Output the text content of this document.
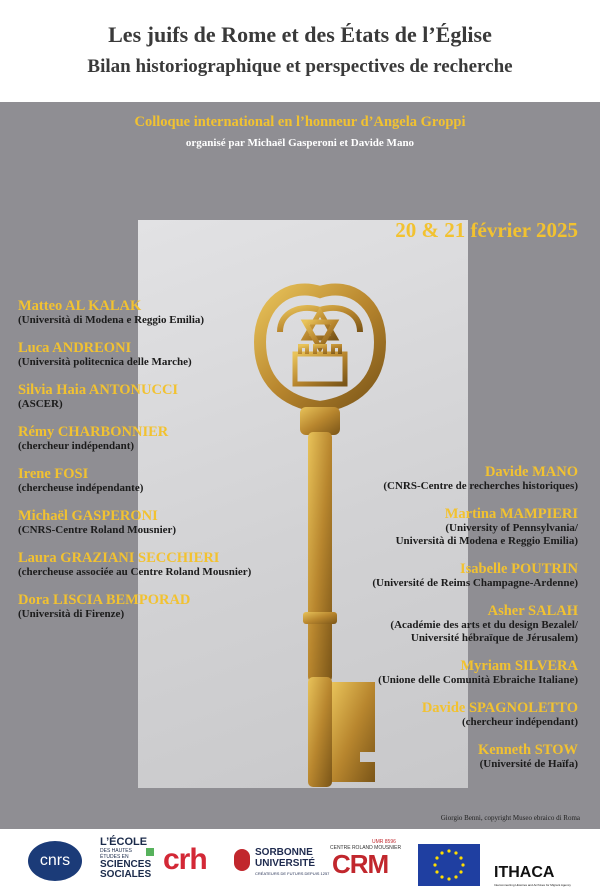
Les juifs de Rome et des États de l’Église
Bilan historiographique et perspectives de recherche
Colloque international en l’honneur d’Angela Groppi
organisé par Michaël Gasperoni et Davide Mano
20 & 21 février 2025
Matteo AL KALAK
(Università di Modena e Reggio Emilia)
Luca ANDREONI
(Università politecnica delle Marche)
Silvia Haia ANTONUCCI
(ASCER)
Rémy CHARBONNIER
(chercheur indépendant)
Irene FOSI
(chercheuse indépendante)
Michaël GASPERONI
(CNRS-Centre Roland Mousnier)
Laura GRAZIANI SECCHIERI
(chercheuse associée au Centre Roland Mousnier)
Dora LISCIA BEMPORAD
(Università di Firenze)
Davide MANO
(CNRS-Centre de recherches historiques)
Martina MAMPIERI
(University of Pennsylvania/
Università di Modena e Reggio Emilia)
Isabelle POUTRIN
(Université de Reims Champagne-Ardenne)
Asher SALAH
(Académie des arts et du design Bezalel/
Université hébraïque de Jérusalem)
Myriam SILVERA
(Unione delle Comunità Ebraiche Italiane)
Davide SPAGNOLETTO
(chercheur indépendant)
Kenneth STOW
(Université de Haïfa)
Giorgio Benni, copyright Museo ebraico di Roma
cnrs
L’ÉCOLE
DES HAUTES
ÉTUDES EN
SCIENCES
SOCIALES crh	SORBONNE
UNIVERSITÉ
CRÉATEURS DE FUTURS DEPUIS 1257
UMR 8596
CENTRE ROLAND MOUSNIER
CRM	ITHACA
Interconnecting Histories and Archives for Migrant Agency
